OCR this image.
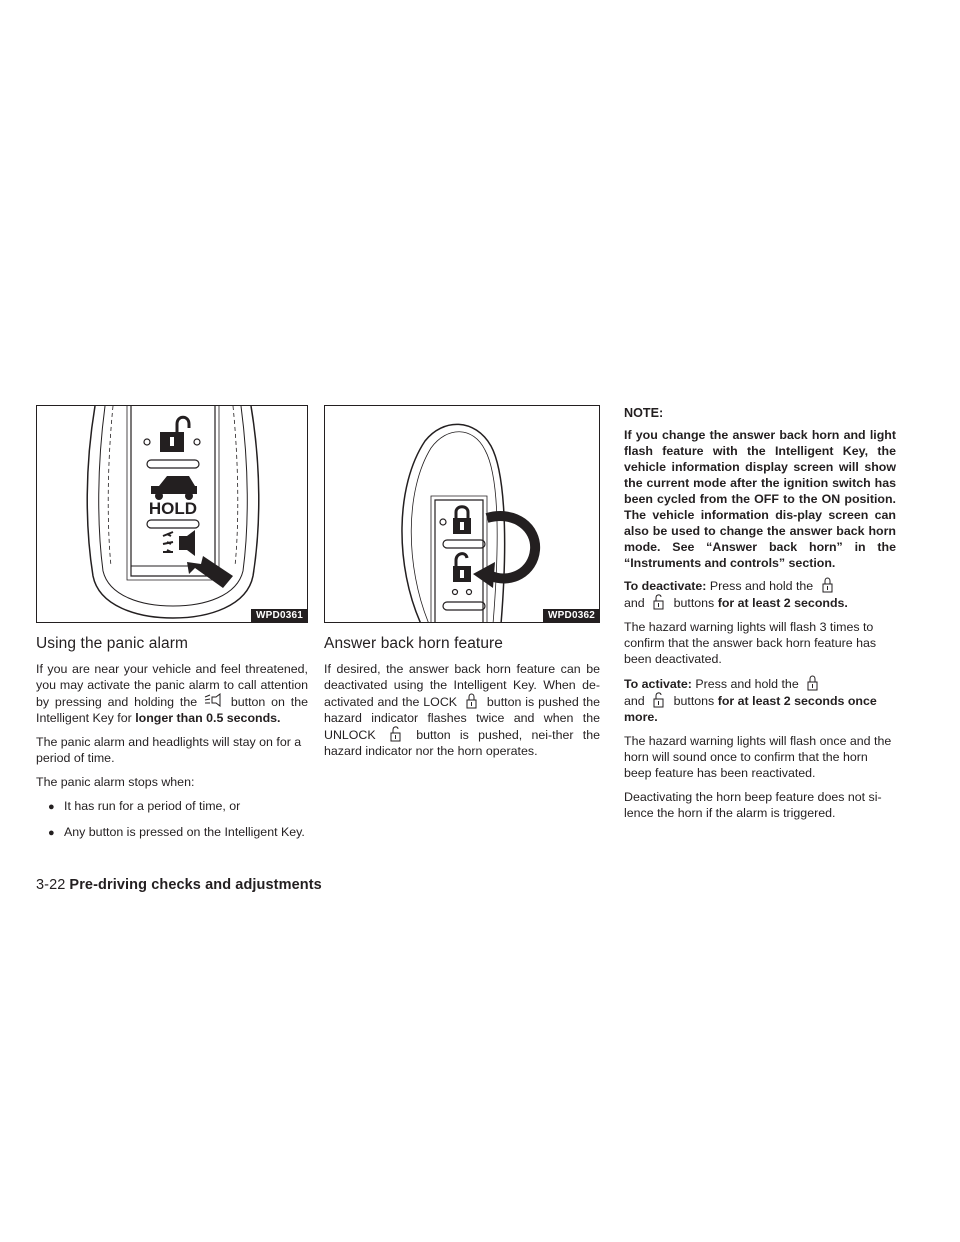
HOLD
WPD0361
Using the panic alarm

If you are near your vehicle and feel threatened, you may activate the panic alarm to call attention by pressing and holding the	button on the Intelligent Key for longer than 0.5 seconds.

The panic alarm and headlights will stay on for a period of time.

The panic alarm stops when:

● It has run for a period of time, or
● Any button is pressed on the Intelligent Key.
WPD0362
Answer back horn feature

If desired, the answer back horn feature can be deactivated using the Intelligent Key. When de-activated and the LOCK button is pushed the hazard indicator flashes twice and when the UNLOCK	button is pushed, nei-ther the hazard indicator nor the horn operates.

NOTE:

If you change the answer back horn and light flash feature with the Intelligent Key, the vehicle information display screen will show the current mode after the ignition switch has been cycled from the OFF to the ON position. The vehicle information dis-play screen can also be used to change the answer back horn mode. See “Answer back horn” in the “Instruments and controls” section.

To deactivate: Press and hold the

and buttons for at least 2 seconds.

The hazard warning lights will flash 3 times to confirm that the answer back horn feature has been deactivated.

To activate: Press and hold the

and buttons for at least 2 seconds once more.

The hazard warning lights will flash once and the horn will sound once to confirm that the horn beep feature has been reactivated.

Deactivating the horn beep feature does not si-lence the horn if the alarm is triggered.

3-22 Pre-driving checks and adjustments
